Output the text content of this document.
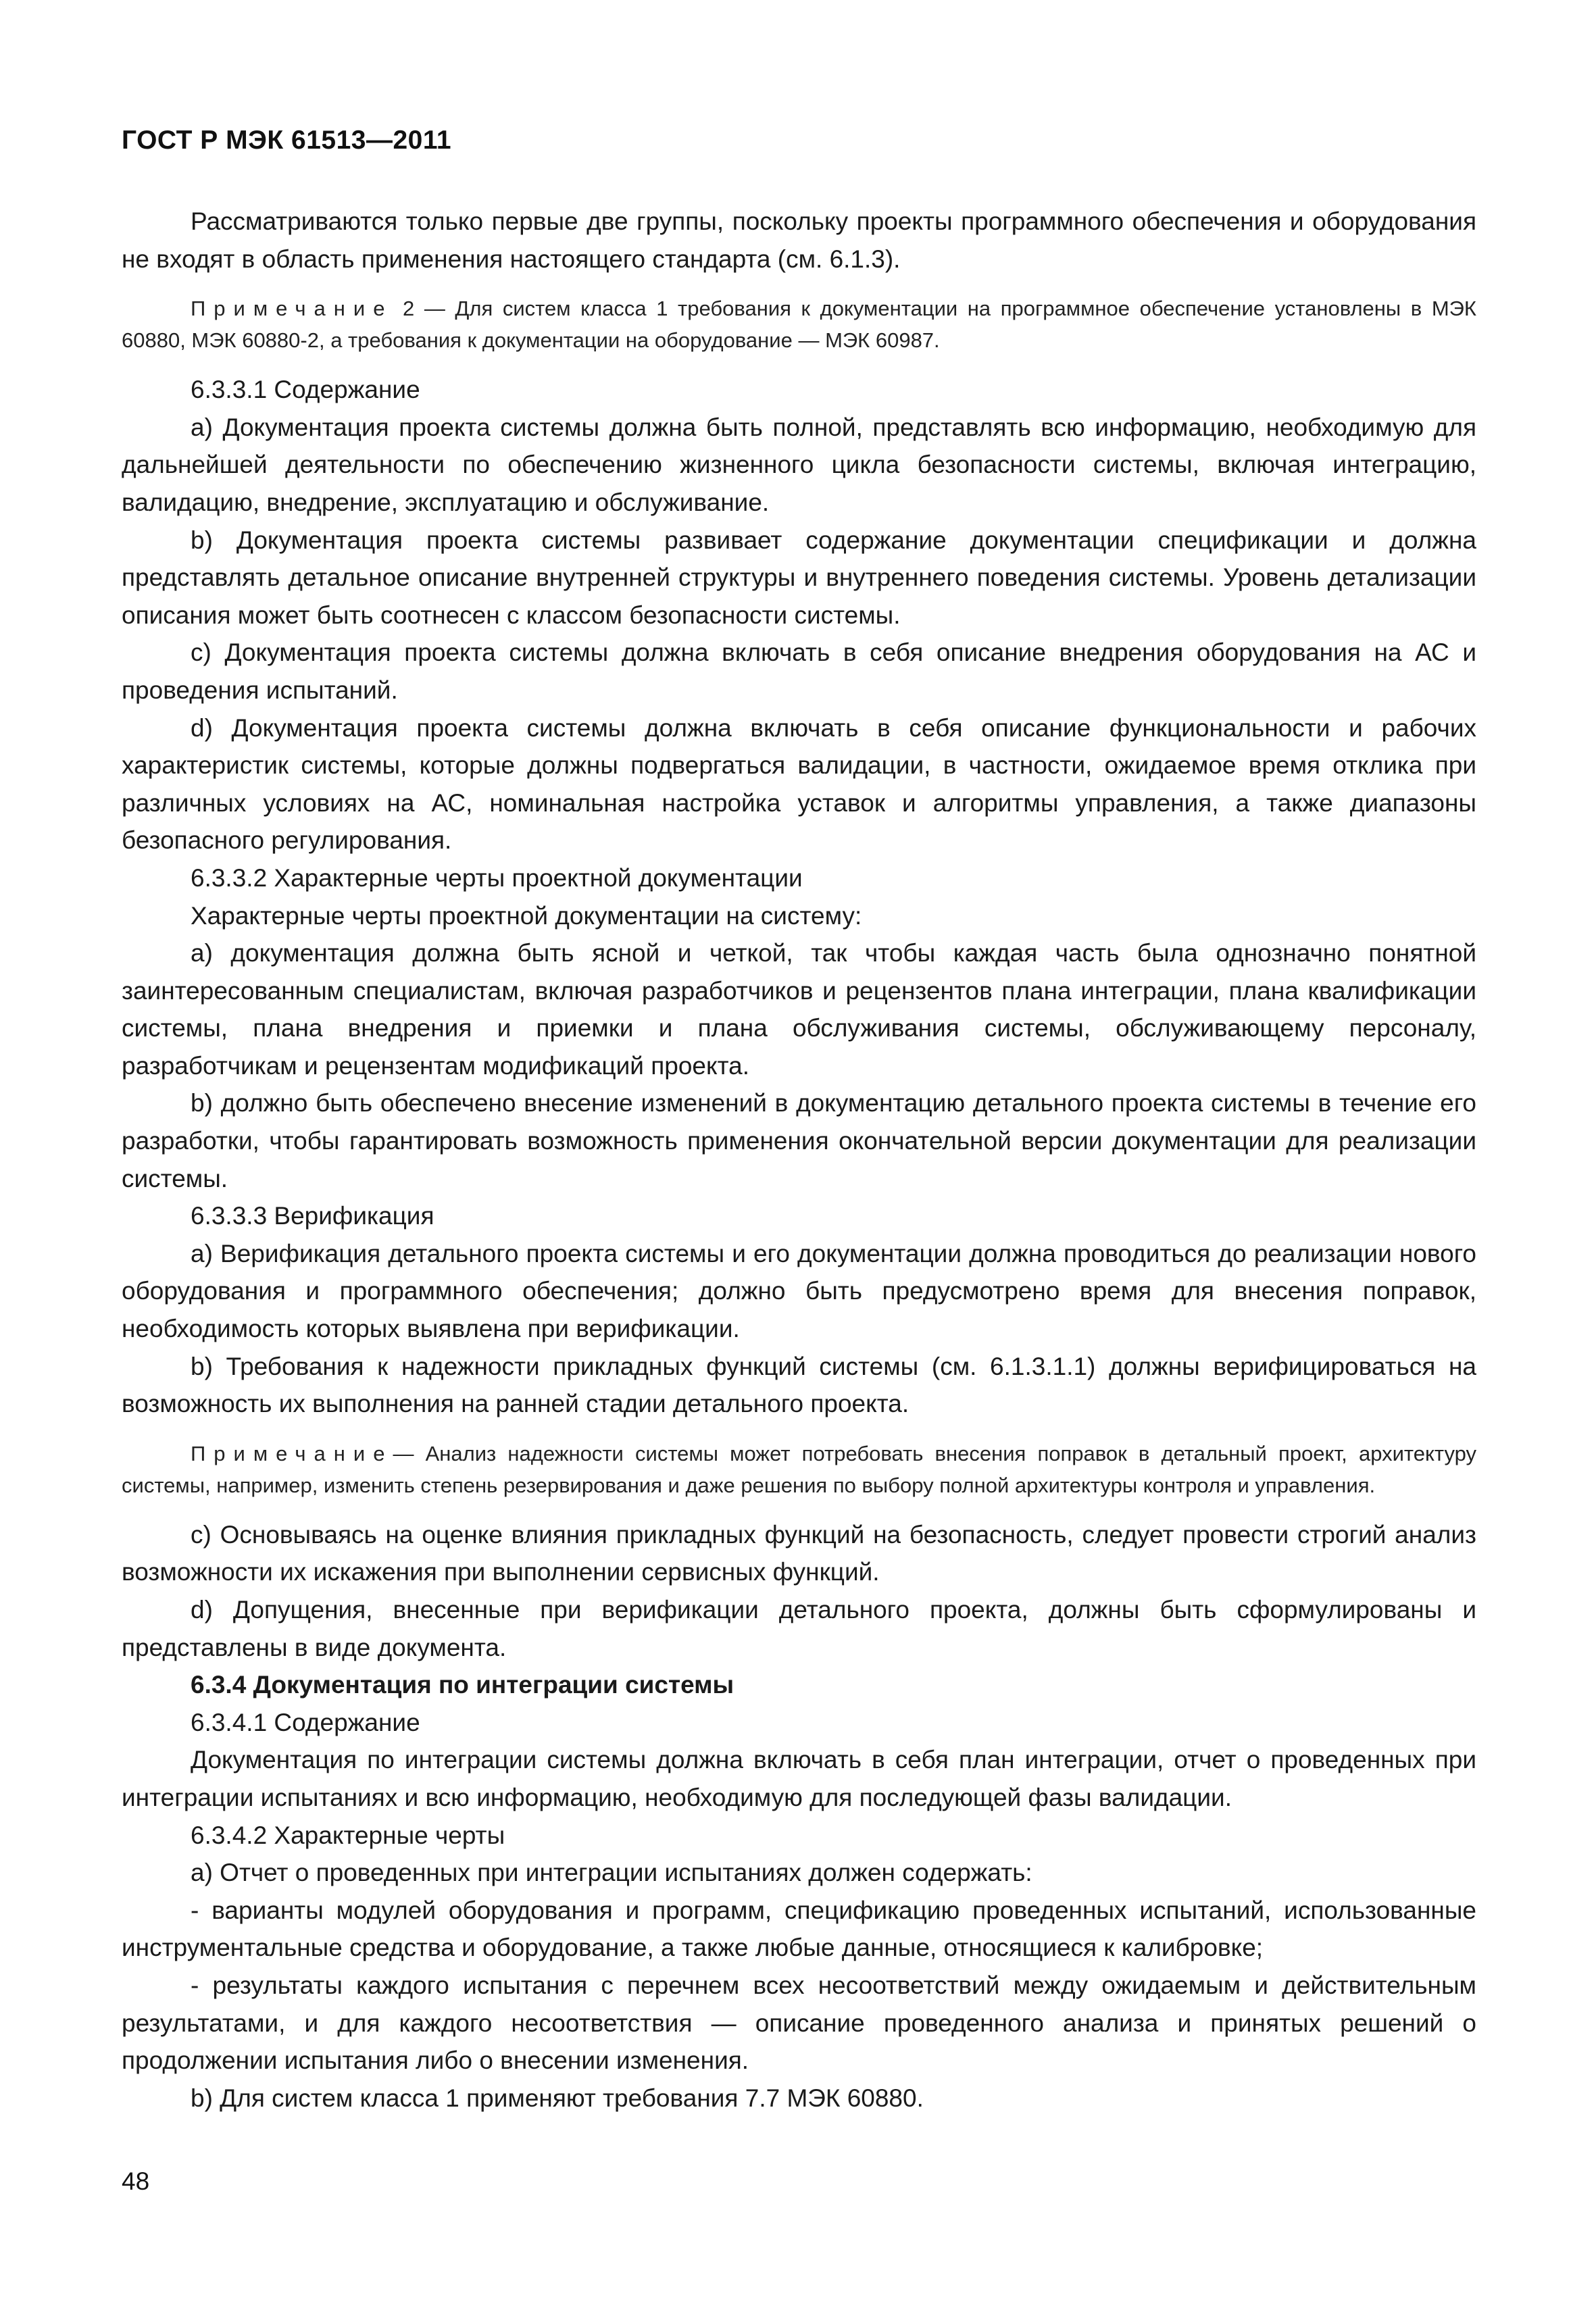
ГОСТ Р МЭК 61513—2011

Рассматриваются только первые две группы, поскольку проекты программного обеспечения и оборудования не входят в область применения настоящего стандарта (см. 6.1.3).

Примечание 2 — Для систем класса 1 требования к документации на программное обеспечение установлены в МЭК 60880, МЭК 60880-2, а требования к документации на оборудование — МЭК 60987.

6.3.3.1 Содержание

а) Документация проекта системы должна быть полной, представлять всю информацию, необходимую для дальнейшей деятельности по обеспечению жизненного цикла безопасности системы, включая интеграцию, валидацию, внедрение, эксплуатацию и обслуживание.

b) Документация проекта системы развивает содержание документации спецификации и должна представлять детальное описание внутренней структуры и внутреннего поведения системы. Уровень детализации описания может быть соотнесен с классом безопасности системы.

с) Документация проекта системы должна включать в себя описание внедрения оборудования на АС и проведения испытаний.

d) Документация проекта системы должна включать в себя описание функциональности и рабочих характеристик системы, которые должны подвергаться валидации, в частности, ожидаемое время отклика при различных условиях на АС, номинальная настройка уставок и алгоритмы управления, а также диапазоны безопасного регулирования.

6.3.3.2 Характерные черты проектной документации

Характерные черты проектной документации на систему:

а) документация должна быть ясной и четкой, так чтобы каждая часть была однозначно понятной заинтересованным специалистам, включая разработчиков и рецензентов плана интеграции, плана квалификации системы, плана внедрения и приемки и плана обслуживания системы, обслуживающему персоналу, разработчикам и рецензентам модификаций проекта.

b) должно быть обеспечено внесение изменений в документацию детального проекта системы в течение его разработки, чтобы гарантировать возможность применения окончательной версии документации для реализации системы.

6.3.3.3 Верификация

а) Верификация детального проекта системы и его документации должна проводиться до реализации нового оборудования и программного обеспечения; должно быть предусмотрено время для внесения поправок, необходимость которых выявлена при верификации.

b) Требования к надежности прикладных функций системы (см. 6.1.3.1.1) должны верифицироваться на возможность их выполнения на ранней стадии детального проекта.

Примечание— Анализ надежности системы может потребовать внесения поправок в детальный проект, архитектуру системы, например, изменить степень резервирования и даже решения по выбору полной архитектуры контроля и управления.

с) Основываясь на оценке влияния прикладных функций на безопасность, следует провести строгий анализ возможности их искажения при выполнении сервисных функций.

d) Допущения, внесенные при верификации детального проекта, должны быть сформулированы и представлены в виде документа.

6.3.4 Документация по интеграции системы

6.3.4.1 Содержание

Документация по интеграции системы должна включать в себя план интеграции, отчет о проведенных при интеграции испытаниях и всю информацию, необходимую для последующей фазы валидации.

6.3.4.2 Характерные черты

а) Отчет о проведенных при интеграции испытаниях должен содержать:

- варианты модулей оборудования и программ, спецификацию проведенных испытаний, использованные инструментальные средства и оборудование, а также любые данные, относящиеся к калибровке;

- результаты каждого испытания с перечнем всех несоответствий между ожидаемым и действительным результатами, и для каждого несоответствия — описание проведенного анализа и принятых решений о продолжении испытания либо о внесении изменения.

b) Для систем класса 1 применяют требования 7.7 МЭК 60880.

48
